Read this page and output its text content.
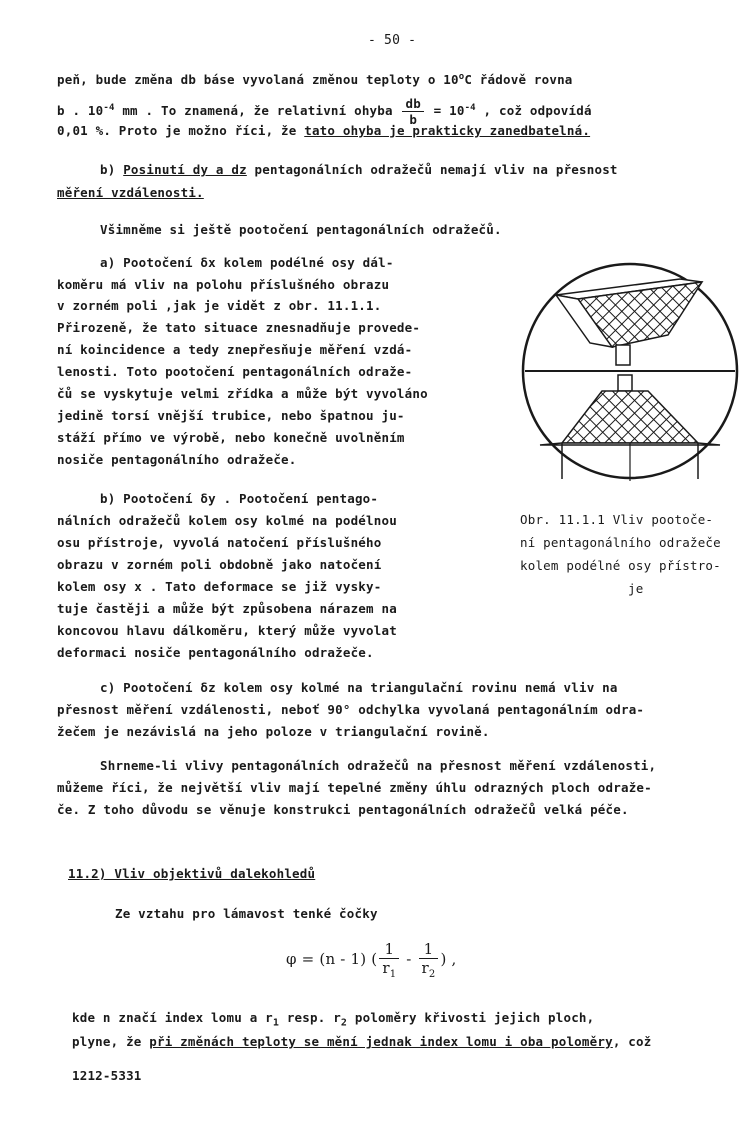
- 50 -
peň, bude změna db báse vyvolaná změnou teploty o 10$^o$C řádově rovna
b . $10^{-4}$ mm . To znamená, že relativní ohyba $\frac{db}{b} = 10^{-4}$ , což odpovídá
0,01 %. Proto je možno říci, že tato ohyba je prakticky zanedbatelná.
b) Posinutí dy a dz pentagonálních odražečů nemají vliv na přesnost
měření vzdálenosti.
Všimněme si ještě pootočení pentagonálních odražečů.
a) Pootočení δx kolem podélné osy dál-
koměru má vliv na polohu příslušného obrazu
v zorném poli ,jak je vidět z obr. 11.1.1.
Přirozeně, že tato situace znesnadňuje provede-
ní koincidence a tedy znepřesňuje měření vzdá-
lenosti. Toto pootočení pentagonálních odraže-
čů se vyskytuje velmi zřídka a může být vyvoláno
jedině torsí vnější trubice, nebo špatnou ju-
stáží přímo ve výrobě, nebo konečně uvolněním
nosiče pentagonálního odražeče.
b) Pootočení δy . Pootočení pentago-
nálních odražečů kolem osy kolmé na podélnou
osu přístroje, vyvolá natočení příslušného
obrazu v zorném poli obdobně jako natočení
kolem osy x . Tato deformace se již vysky-
tuje častěji a může být způsobena nárazem na
koncovou hlavu dálkoměru, který může vyvolat
deformaci nosiče pentagonálního odražeče.
Obr. 11.1.1 Vliv pootoče-
ní pentagonálního odražeče
kolem podélné osy přístro-
je
c) Pootočení δz kolem osy kolmé na triangulační rovinu nemá vliv na
přesnost měření vzdálenosti, neboť 90° odchylka vyvolaná pentagonálním odra-
žečem je nezávislá na jeho poloze v triangulační rovině.
Shrneme-li vlivy pentagonálních odražečů na přesnost měření vzdálenosti,
můžeme říci, že největší vliv mají tepelné změny úhlu odrazných ploch odraže-
če. Z toho důvodu se věnuje konstrukci pentagonálních odražečů velká péče.
11.2) Vliv objektivů dalekohledů
Ze vztahu pro lámavost tenké čočky
φ = (n - 1) ( $\frac{1}{r_1} - \frac{1}{r_2}$ ) ,
kde n značí index lomu a $r_1$ resp. $r_2$ poloměry křivosti jejich ploch,
plyne, že při změnách teploty se mění jednak index lomu i oba poloměry, což
1212-5331
